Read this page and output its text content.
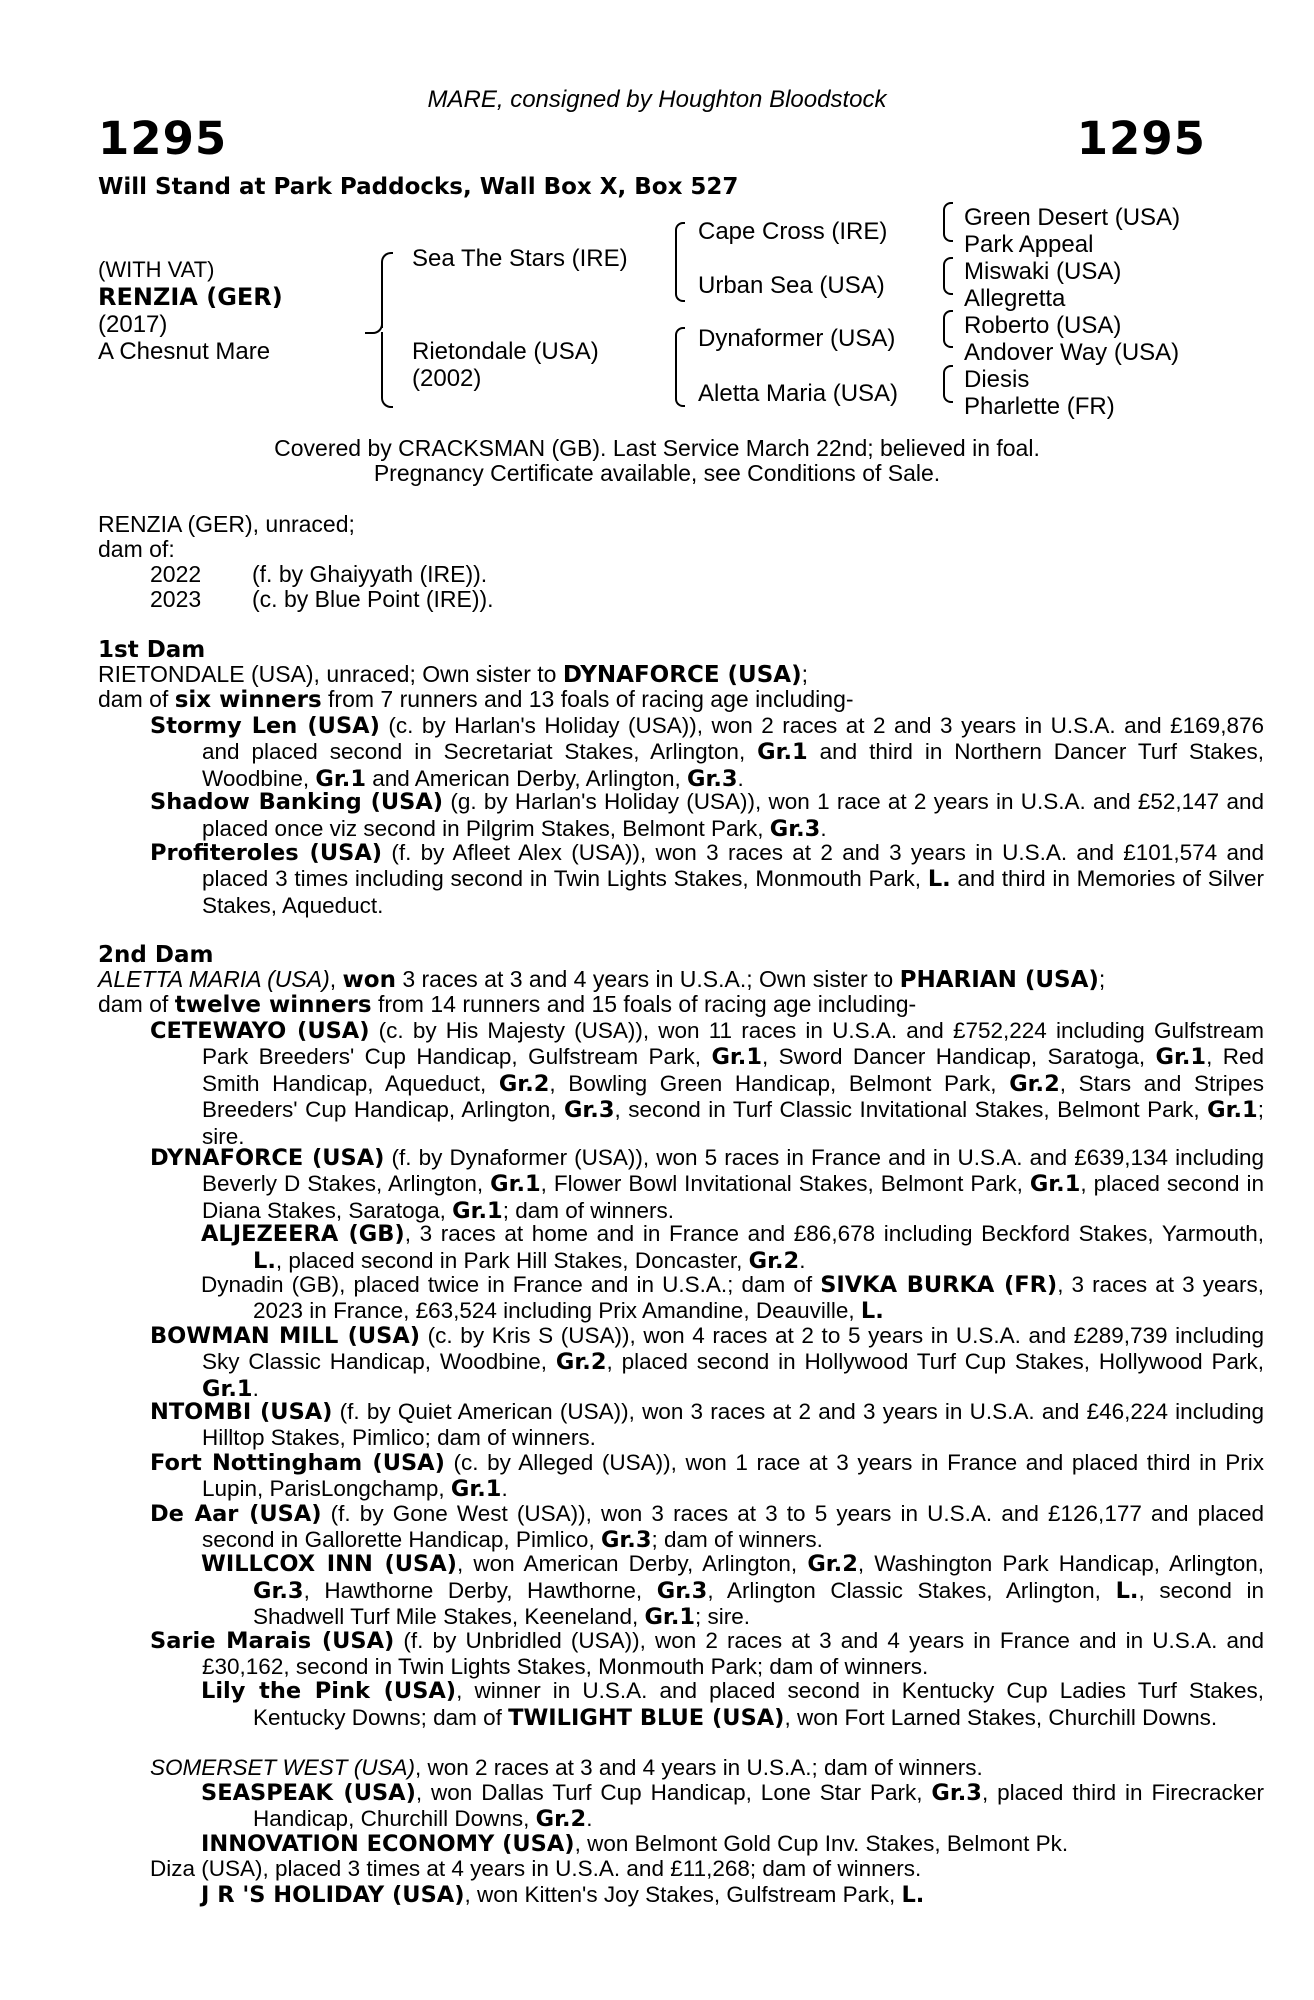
MARE, consigned by Houghton Bloodstock
1295	1295
Will Stand at Park Paddocks, Wall Box X, Box 527
(WITH VAT)
RENZIA (GER)
(2017)
A Chesnut Mare
Sea The Stars (IRE)
Rietondale (USA)
(2002)
Cape Cross (IRE)
Urban Sea (USA)
Dynaformer (USA)
Aletta Maria (USA)
Green Desert (USA)
Park Appeal
Miswaki (USA)
Allegretta
Roberto (USA)
Andover Way (USA)
Diesis
Pharlette (FR)
Covered by CRACKSMAN (GB). Last Service March 22nd; believed in foal.
Pregnancy Certificate available, see Conditions of Sale.
RENZIA (GER), unraced;
dam of:
2022 (f. by Ghaiyyath (IRE)).
2023 (c. by Blue Point (IRE)).
1st Dam
RIETONDALE (USA), unraced; Own sister to DYNAFORCE (USA);
dam of six winners from 7 runners and 13 foals of racing age including-
Stormy Len (USA) (c. by Harlan's Holiday (USA)), won 2 races at 2 and 3 years in U.S.A. and £169,876 and placed second in Secretariat Stakes, Arlington, Gr.1 and third in Northern Dancer Turf Stakes, Woodbine, Gr.1 and American Derby, Arlington, Gr.3.
Shadow Banking (USA) (g. by Harlan's Holiday (USA)), won 1 race at 2 years in U.S.A. and £52,147 and placed once viz second in Pilgrim Stakes, Belmont Park, Gr.3.
Profiteroles (USA) (f. by Afleet Alex (USA)), won 3 races at 2 and 3 years in U.S.A. and £101,574 and placed 3 times including second in Twin Lights Stakes, Monmouth Park, L. and third in Memories of Silver Stakes, Aqueduct.
2nd Dam
ALETTA MARIA (USA), won 3 races at 3 and 4 years in U.S.A.; Own sister to PHARIAN (USA);
dam of twelve winners from 14 runners and 15 foals of racing age including-
CETEWAYO (USA) (c. by His Majesty (USA)), won 11 races in U.S.A. and £752,224 including Gulfstream Park Breeders' Cup Handicap, Gulfstream Park, Gr.1, Sword Dancer Handicap, Saratoga, Gr.1, Red Smith Handicap, Aqueduct, Gr.2, Bowling Green Handicap, Belmont Park, Gr.2, Stars and Stripes Breeders' Cup Handicap, Arlington, Gr.3, second in Turf Classic Invitational Stakes, Belmont Park, Gr.1; sire.
DYNAFORCE (USA) (f. by Dynaformer (USA)), won 5 races in France and in U.S.A. and £639,134 including Beverly D Stakes, Arlington, Gr.1, Flower Bowl Invitational Stakes, Belmont Park, Gr.1, placed second in Diana Stakes, Saratoga, Gr.1; dam of winners.
ALJEZEERA (GB), 3 races at home and in France and £86,678 including Beckford Stakes, Yarmouth, L., placed second in Park Hill Stakes, Doncaster, Gr.2.
Dynadin (GB), placed twice in France and in U.S.A.; dam of SIVKA BURKA (FR), 3 races at 3 years, 2023 in France, £63,524 including Prix Amandine, Deauville, L.
BOWMAN MILL (USA) (c. by Kris S (USA)), won 4 races at 2 to 5 years in U.S.A. and £289,739 including Sky Classic Handicap, Woodbine, Gr.2, placed second in Hollywood Turf Cup Stakes, Hollywood Park, Gr.1.
NTOMBI (USA) (f. by Quiet American (USA)), won 3 races at 2 and 3 years in U.S.A. and £46,224 including Hilltop Stakes, Pimlico; dam of winners.
Fort Nottingham (USA) (c. by Alleged (USA)), won 1 race at 3 years in France and placed third in Prix Lupin, ParisLongchamp, Gr.1.
De Aar (USA) (f. by Gone West (USA)), won 3 races at 3 to 5 years in U.S.A. and £126,177 and placed second in Gallorette Handicap, Pimlico, Gr.3; dam of winners.
WILLCOX INN (USA), won American Derby, Arlington, Gr.2, Washington Park Handicap, Arlington, Gr.3, Hawthorne Derby, Hawthorne, Gr.3, Arlington Classic Stakes, Arlington, L., second in Shadwell Turf Mile Stakes, Keeneland, Gr.1; sire.
Sarie Marais (USA) (f. by Unbridled (USA)), won 2 races at 3 and 4 years in France and in U.S.A. and £30,162, second in Twin Lights Stakes, Monmouth Park; dam of winners.
Lily the Pink (USA), winner in U.S.A. and placed second in Kentucky Cup Ladies Turf Stakes, Kentucky Downs; dam of TWILIGHT BLUE (USA), won Fort Larned Stakes, Churchill Downs.
SOMERSET WEST (USA), won 2 races at 3 and 4 years in U.S.A.; dam of winners.
SEASPEAK (USA), won Dallas Turf Cup Handicap, Lone Star Park, Gr.3, placed third in Firecracker Handicap, Churchill Downs, Gr.2.
INNOVATION ECONOMY (USA), won Belmont Gold Cup Inv. Stakes, Belmont Pk.
Diza (USA), placed 3 times at 4 years in U.S.A. and £11,268; dam of winners.
J R 'S HOLIDAY (USA), won Kitten's Joy Stakes, Gulfstream Park, L.
